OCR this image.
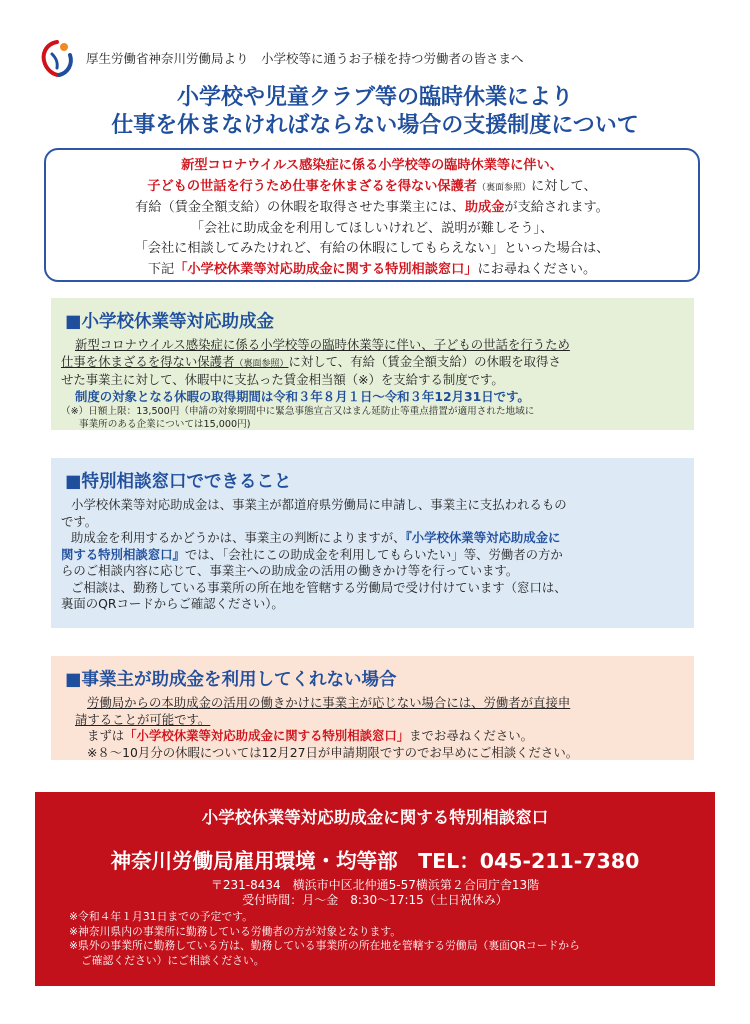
厚生労働省神奈川労働局より　小学校等に通うお子様を持つ労働者の皆さまへ
小学校や児童クラブ等の臨時休業により
仕事を休まなければならない場合の支援制度について
新型コロナウイルス感染症に係る小学校等の臨時休業等に伴い、
子どもの世話を行うため仕事を休まざるを得ない保護者（裏面参照）に対して、
有給（賃金全額支給）の休暇を取得させた事業主には、助成金が支給されます。
「会社に助成金を利用してほしいけれど、説明が難しそう」、
「会社に相談してみたけれど、有給の休暇にしてもらえない」といった場合は、
下記「小学校休業等対応助成金に関する特別相談窓口」にお尋ねください。
■小学校休業等対応助成金
新型コロナウイルス感染症に係る小学校等の臨時休業等に伴い、子どもの世話を行うため
仕事を休まざるを得ない保護者（裏面参照）に対して、有給（賃金全額支給）の休暇を取得さ
せた事業主に対して、休暇中に支払った賃金相当額（※）を支給する制度です。
制度の対象となる休暇の取得期間は令和３年８月１日～令和３年12月31日です。
（※）日額上限：13,500円（申請の対象期間中に緊急事態宣言又はまん延防止等重点措置が適用された地域に
事業所のある企業については15,000円)
■特別相談窓口でできること
小学校休業等対応助成金は、事業主が都道府県労働局に申請し、事業主に支払われるもの
です。
助成金を利用するかどうかは、事業主の判断によりますが、『小学校休業等対応助成金に
関する特別相談窓口』では、「会社にこの助成金を利用してもらいたい」等、労働者の方か
らのご相談内容に応じて、事業主への助成金の活用の働きかけ等を行っています。
ご相談は、勤務している事業所の所在地を管轄する労働局で受け付けています（窓口は、
裏面のQRコードからご確認ください）。
■事業主が助成金を利用してくれない場合
労働局からの本助成金の活用の働きかけに事業主が応じない場合には、労働者が直接申
請することが可能です。
まずは「小学校休業等対応助成金に関する特別相談窓口」までお尋ねください。
※８～10月分の休暇については12月27日が申請期限ですのでお早めにご相談ください。
小学校休業等対応助成金に関する特別相談窓口
神奈川労働局雇用環境・均等部　TEL：045-211-7380
〒231-8434　横浜市中区北仲通5-57横浜第２合同庁舎13階
受付時間：月～金　8:30～17:15（土日祝休み）
※令和４年１月31日までの予定です。
※神奈川県内の事業所に勤務している労働者の方が対象となります。
※県外の事業所に勤務している方は、勤務している事業所の所在地を管轄する労働局（裏面QRコードから
ご確認ください）にご相談ください。
